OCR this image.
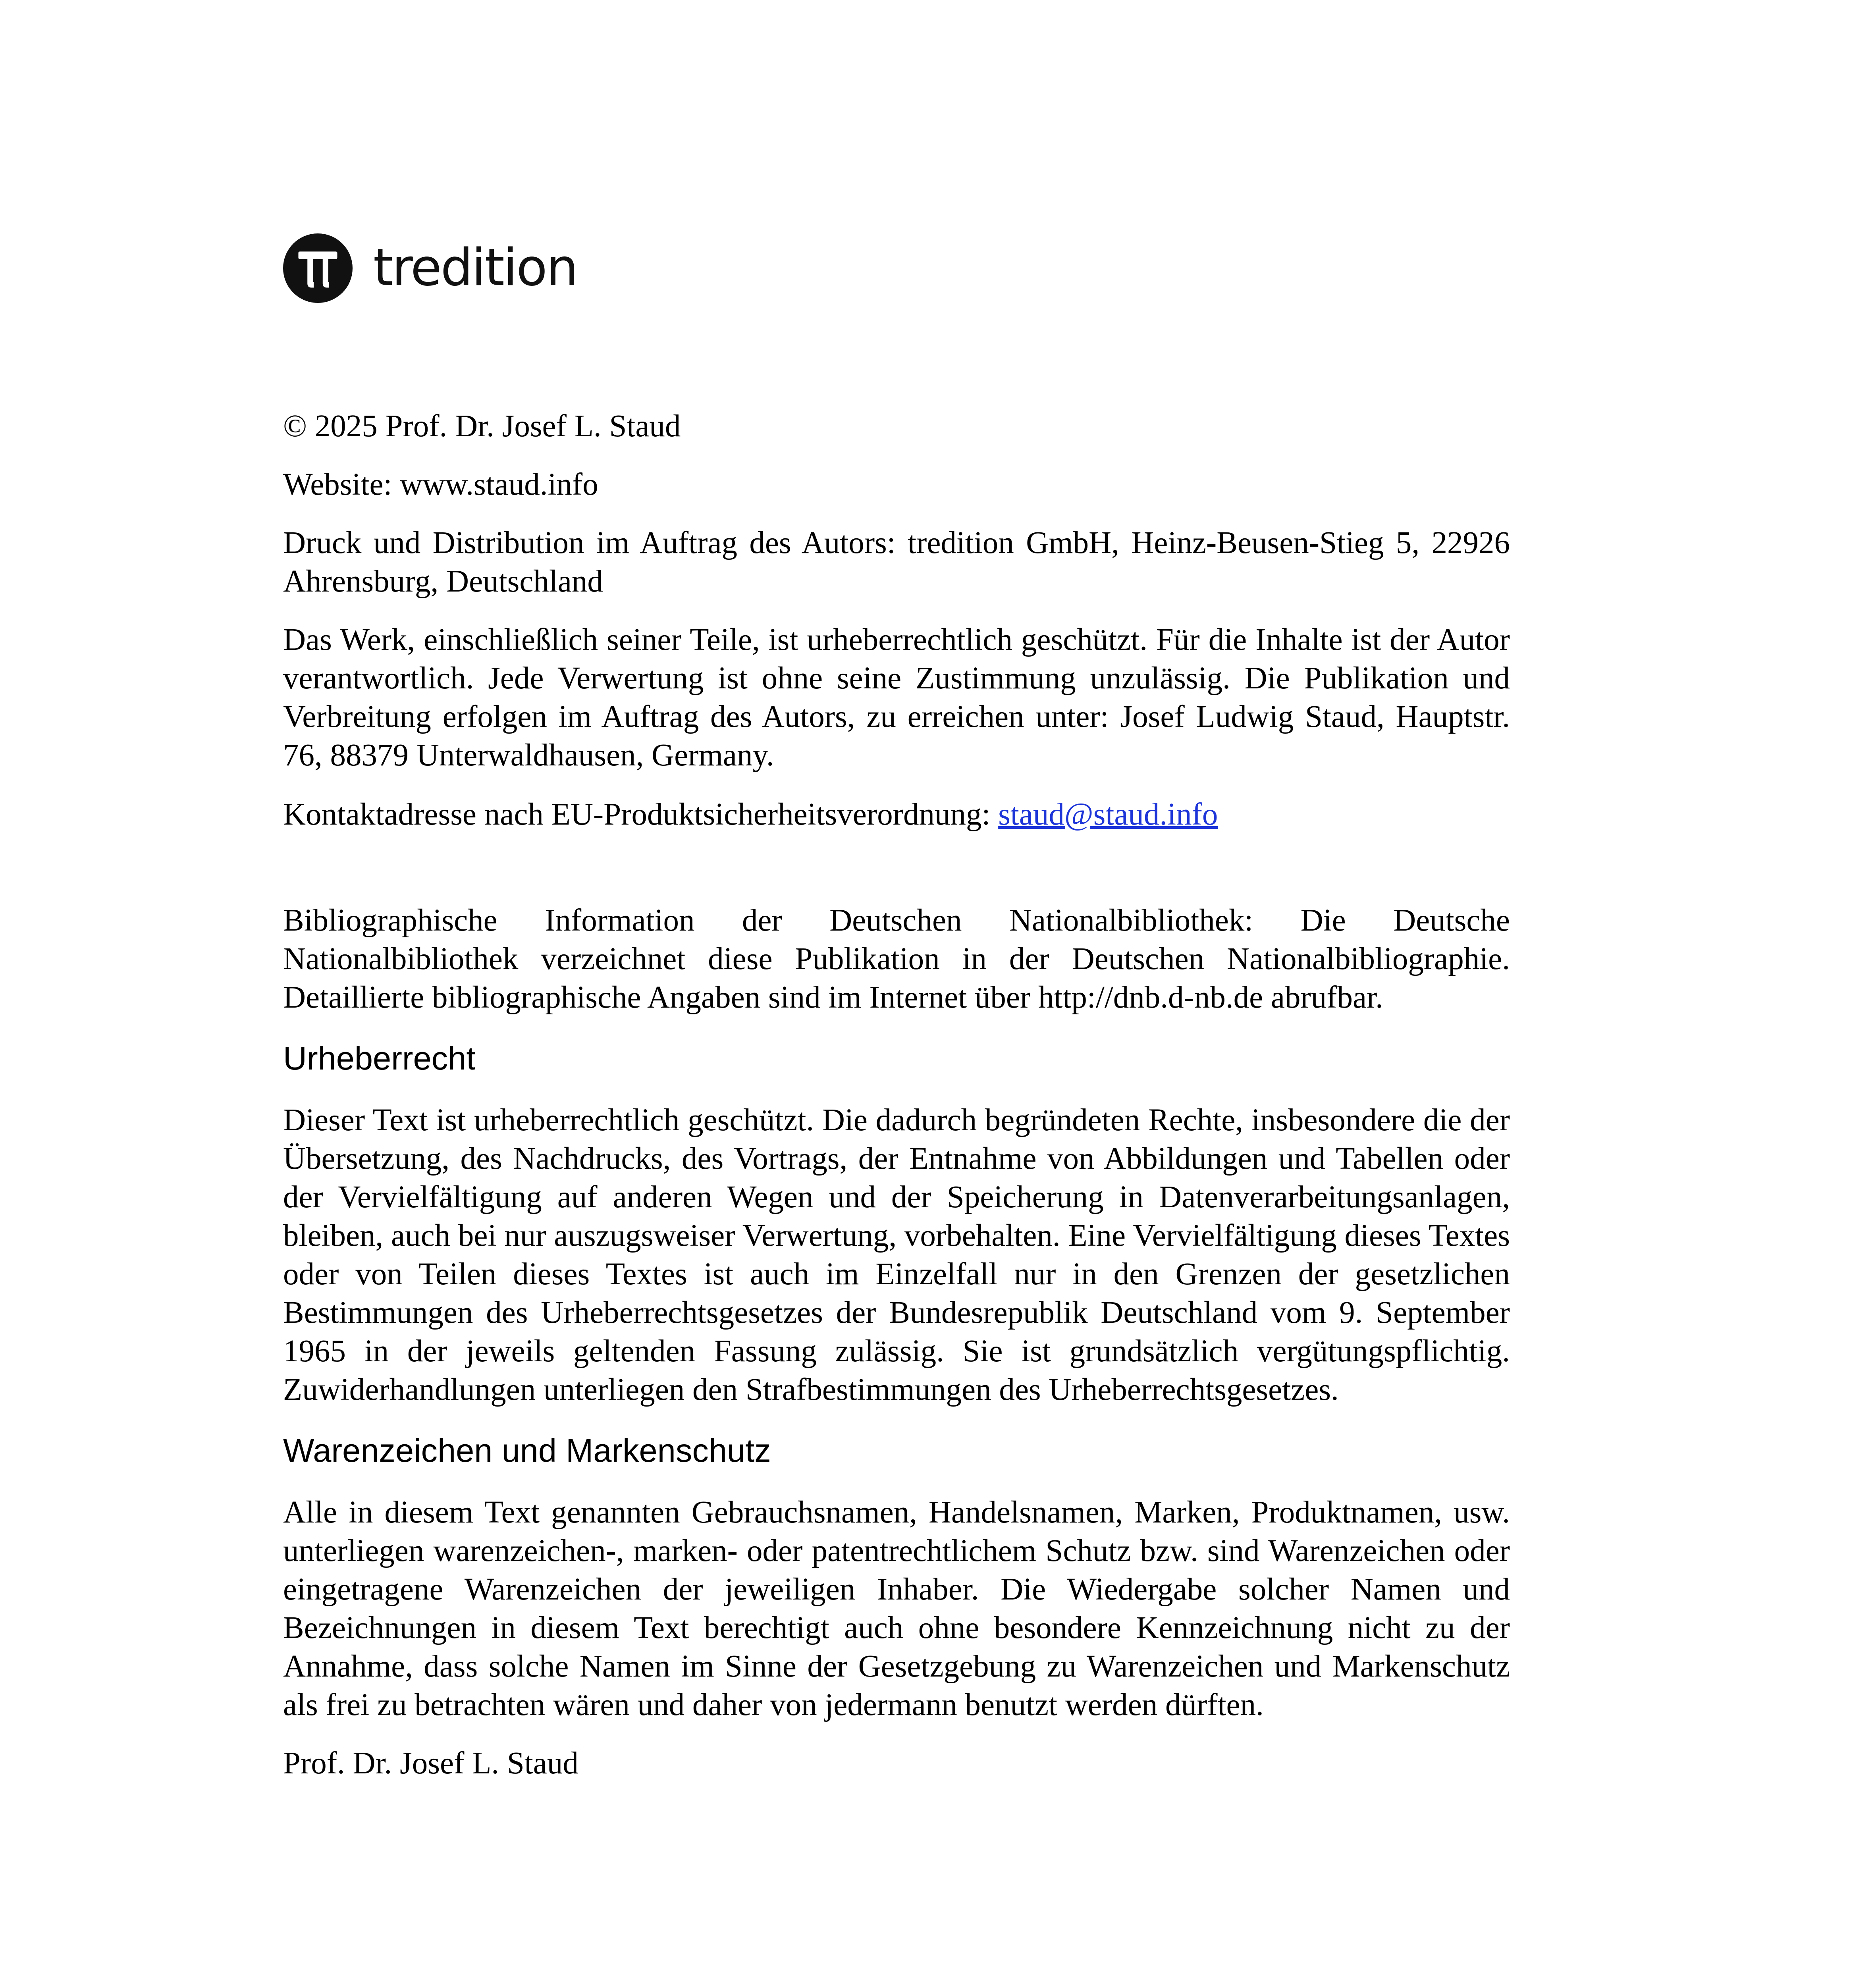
tredition

© 2025 Prof. Dr. Josef L. Staud

Website: www.staud.info

Druck und Distribution im Auftrag des Autors: tredition GmbH, Heinz-Beusen-Stieg 5, 22926 Ahrensburg, Deutschland

Das Werk, einschließlich seiner Teile, ist urheberrechtlich geschützt. Für die Inhalte ist der Autor verantwortlich. Jede Verwertung ist ohne seine Zustimmung unzulässig. Die Publikation und Verbreitung erfolgen im Auftrag des Autors, zu erreichen unter: Josef Ludwig Staud, Hauptstr. 76, 88379 Unterwaldhausen, Germany.

Kontaktadresse nach EU-Produktsicherheitsverordnung: staud@staud.info

Bibliographische Information der Deutschen Nationalbibliothek: Die Deutsche Nationalbibliothek verzeichnet diese Publikation in der Deutschen Nationalbibliographie. Detaillierte bibliographische Angaben sind im Internet über http://dnb.d-nb.de abrufbar.

Urheberrecht

Dieser Text ist urheberrechtlich geschützt. Die dadurch begründeten Rechte, insbesondere die der Übersetzung, des Nachdrucks, des Vortrags, der Entnahme von Abbildungen und Tabellen oder der Vervielfältigung auf anderen Wegen und der Speicherung in Datenverarbeitungsanlagen, bleiben, auch bei nur auszugsweiser Verwertung, vorbehalten. Eine Vervielfältigung dieses Textes oder von Teilen dieses Textes ist auch im Einzelfall nur in den Grenzen der gesetzlichen Bestimmungen des Urheberrechtsgesetzes der Bundesrepublik Deutschland vom 9. September 1965 in der jeweils geltenden Fassung zulässig. Sie ist grundsätzlich vergütungspflichtig. Zuwiderhandlungen unterliegen den Strafbestimmungen des Urheberrechtsgesetzes.

Warenzeichen und Markenschutz

Alle in diesem Text genannten Gebrauchsnamen, Handelsnamen, Marken, Produktnamen, usw. unterliegen warenzeichen-, marken- oder patentrechtlichem Schutz bzw. sind Warenzeichen oder eingetragene Warenzeichen der jeweiligen Inhaber. Die Wiedergabe solcher Namen und Bezeichnungen in diesem Text berechtigt auch ohne besondere Kennzeichnung nicht zu der Annahme, dass solche Namen im Sinne der Gesetzgebung zu Warenzeichen und Markenschutz als frei zu betrachten wären und daher von jedermann benutzt werden dürften.

Prof. Dr. Josef L. Staud
